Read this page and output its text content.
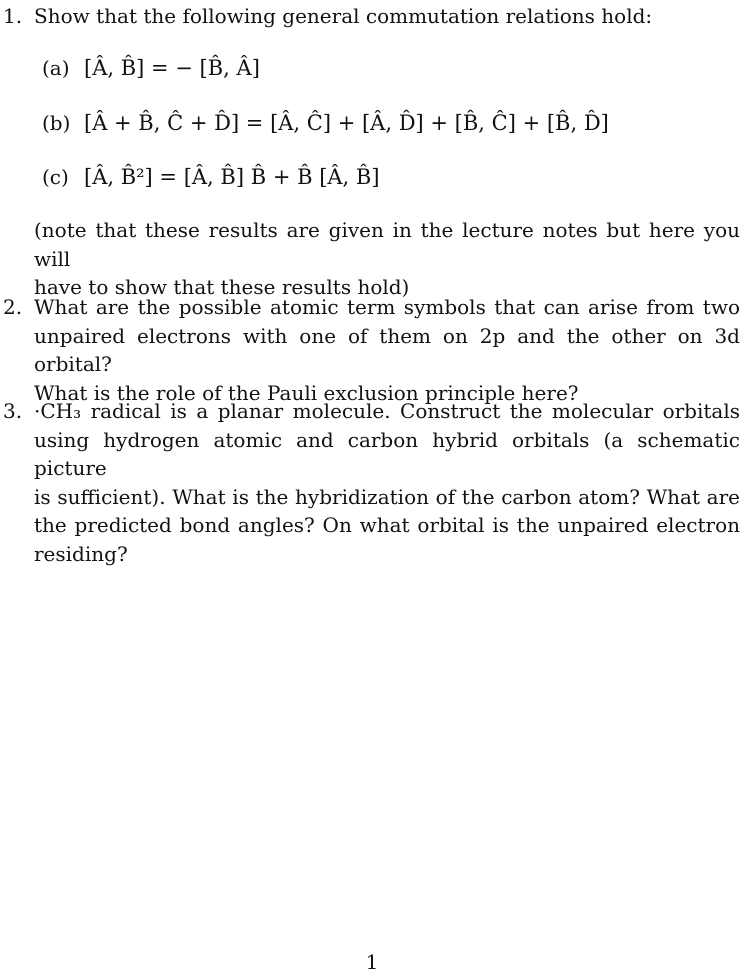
1. Show that the following general commutation relations hold:
(a) [Â, B̂] = − [B̂, Â]
(b) [Â + B̂, Ĉ + D̂] = [Â, Ĉ] + [Â, D̂] + [B̂, Ĉ] + [B̂, D̂]
(c) [Â, B̂²] = [Â, B̂] B̂ + B̂ [Â, B̂]
(note that these results are given in the lecture notes but here you will
have to show that these results hold)
2. What are the possible atomic term symbols that can arise from two
unpaired electrons with one of them on 2p and the other on 3d orbital?
What is the role of the Pauli exclusion principle here?
3. ·CH₃ radical is a planar molecule. Construct the molecular orbitals
using hydrogen atomic and carbon hybrid orbitals (a schematic picture
is sufficient). What is the hybridization of the carbon atom? What are
the predicted bond angles? On what orbital is the unpaired electron
residing?
1
